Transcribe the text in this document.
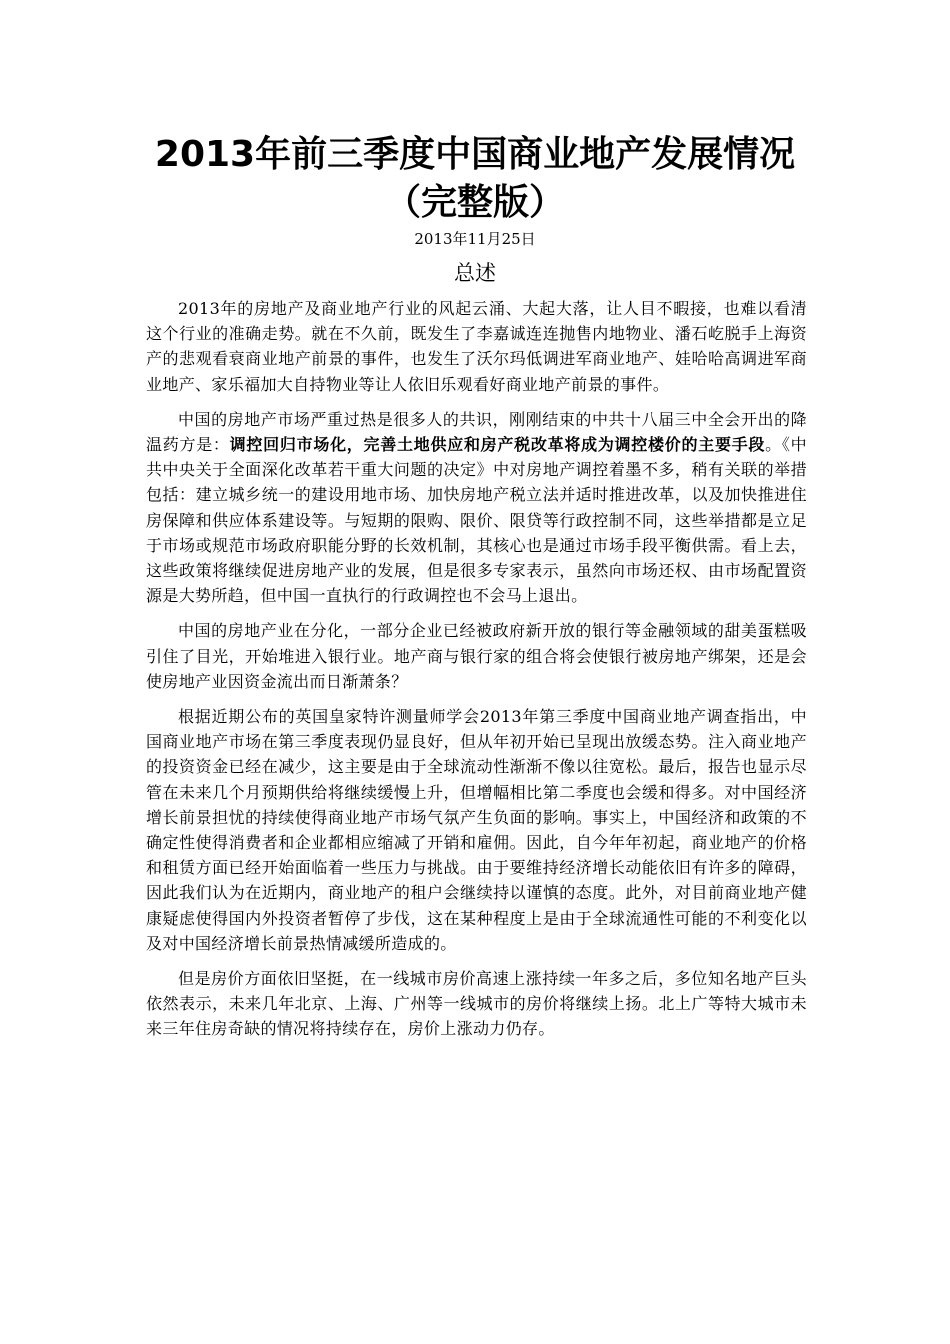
2013年前三季度中国商业地产发展情况
（完整版）
2013年11月25日
总述

2013年的房地产及商业地产行业的风起云涌、大起大落，让人目不暇接，也难以看清这个行业的准确走势。就在不久前，既发生了李嘉诚连连抛售内地物业、潘石屹脱手上海资产的悲观看衰商业地产前景的事件，也发生了沃尔玛低调进军商业地产、娃哈哈高调进军商业地产、家乐福加大自持物业等让人依旧乐观看好商业地产前景的事件。

中国的房地产市场严重过热是很多人的共识，刚刚结束的中共十八届三中全会开出的降温药方是：调控回归市场化，完善土地供应和房产税改革将成为调控楼价的主要手段。《中共中央关于全面深化改革若干重大问题的决定》中对房地产调控着墨不多，稍有关联的举措包括：建立城乡统一的建设用地市场、加快房地产税立法并适时推进改革，以及加快推进住房保障和供应体系建设等。与短期的限购、限价、限贷等行政控制不同，这些举措都是立足于市场或规范市场政府职能分野的长效机制，其核心也是通过市场手段平衡供需。看上去，这些政策将继续促进房地产业的发展，但是很多专家表示，虽然向市场还权、由市场配置资源是大势所趋，但中国一直执行的行政调控也不会马上退出。

中国的房地产业在分化，一部分企业已经被政府新开放的银行等金融领域的甜美蛋糕吸引住了目光，开始堆进入银行业。地产商与银行家的组合将会使银行被房地产绑架，还是会使房地产业因资金流出而日渐萧条？

根据近期公布的英国皇家特许测量师学会2013年第三季度中国商业地产调查指出，中国商业地产市场在第三季度表现仍显良好，但从年初开始已呈现出放缓态势。注入商业地产的投资资金已经在减少，这主要是由于全球流动性渐渐不像以往宽松。最后，报告也显示尽管在未来几个月预期供给将继续缓慢上升，但增幅相比第二季度也会缓和得多。对中国经济增长前景担忧的持续使得商业地产市场气氛产生负面的影响。事实上，中国经济和政策的不确定性使得消费者和企业都相应缩减了开销和雇佣。因此，自今年年初起，商业地产的价格和租赁方面已经开始面临着一些压力与挑战。由于要维持经济增长动能依旧有许多的障碍，因此我们认为在近期内，商业地产的租户会继续持以谨慎的态度。此外，对目前商业地产健康疑虑使得国内外投资者暂停了步伐，这在某种程度上是由于全球流通性可能的不利变化以及对中国经济增长前景热情减缓所造成的。

但是房价方面依旧坚挺，在一线城市房价高速上涨持续一年多之后，多位知名地产巨头依然表示，未来几年北京、上海、广州等一线城市的房价将继续上扬。北上广等特大城市未来三年住房奇缺的情况将持续存在，房价上涨动力仍存。
